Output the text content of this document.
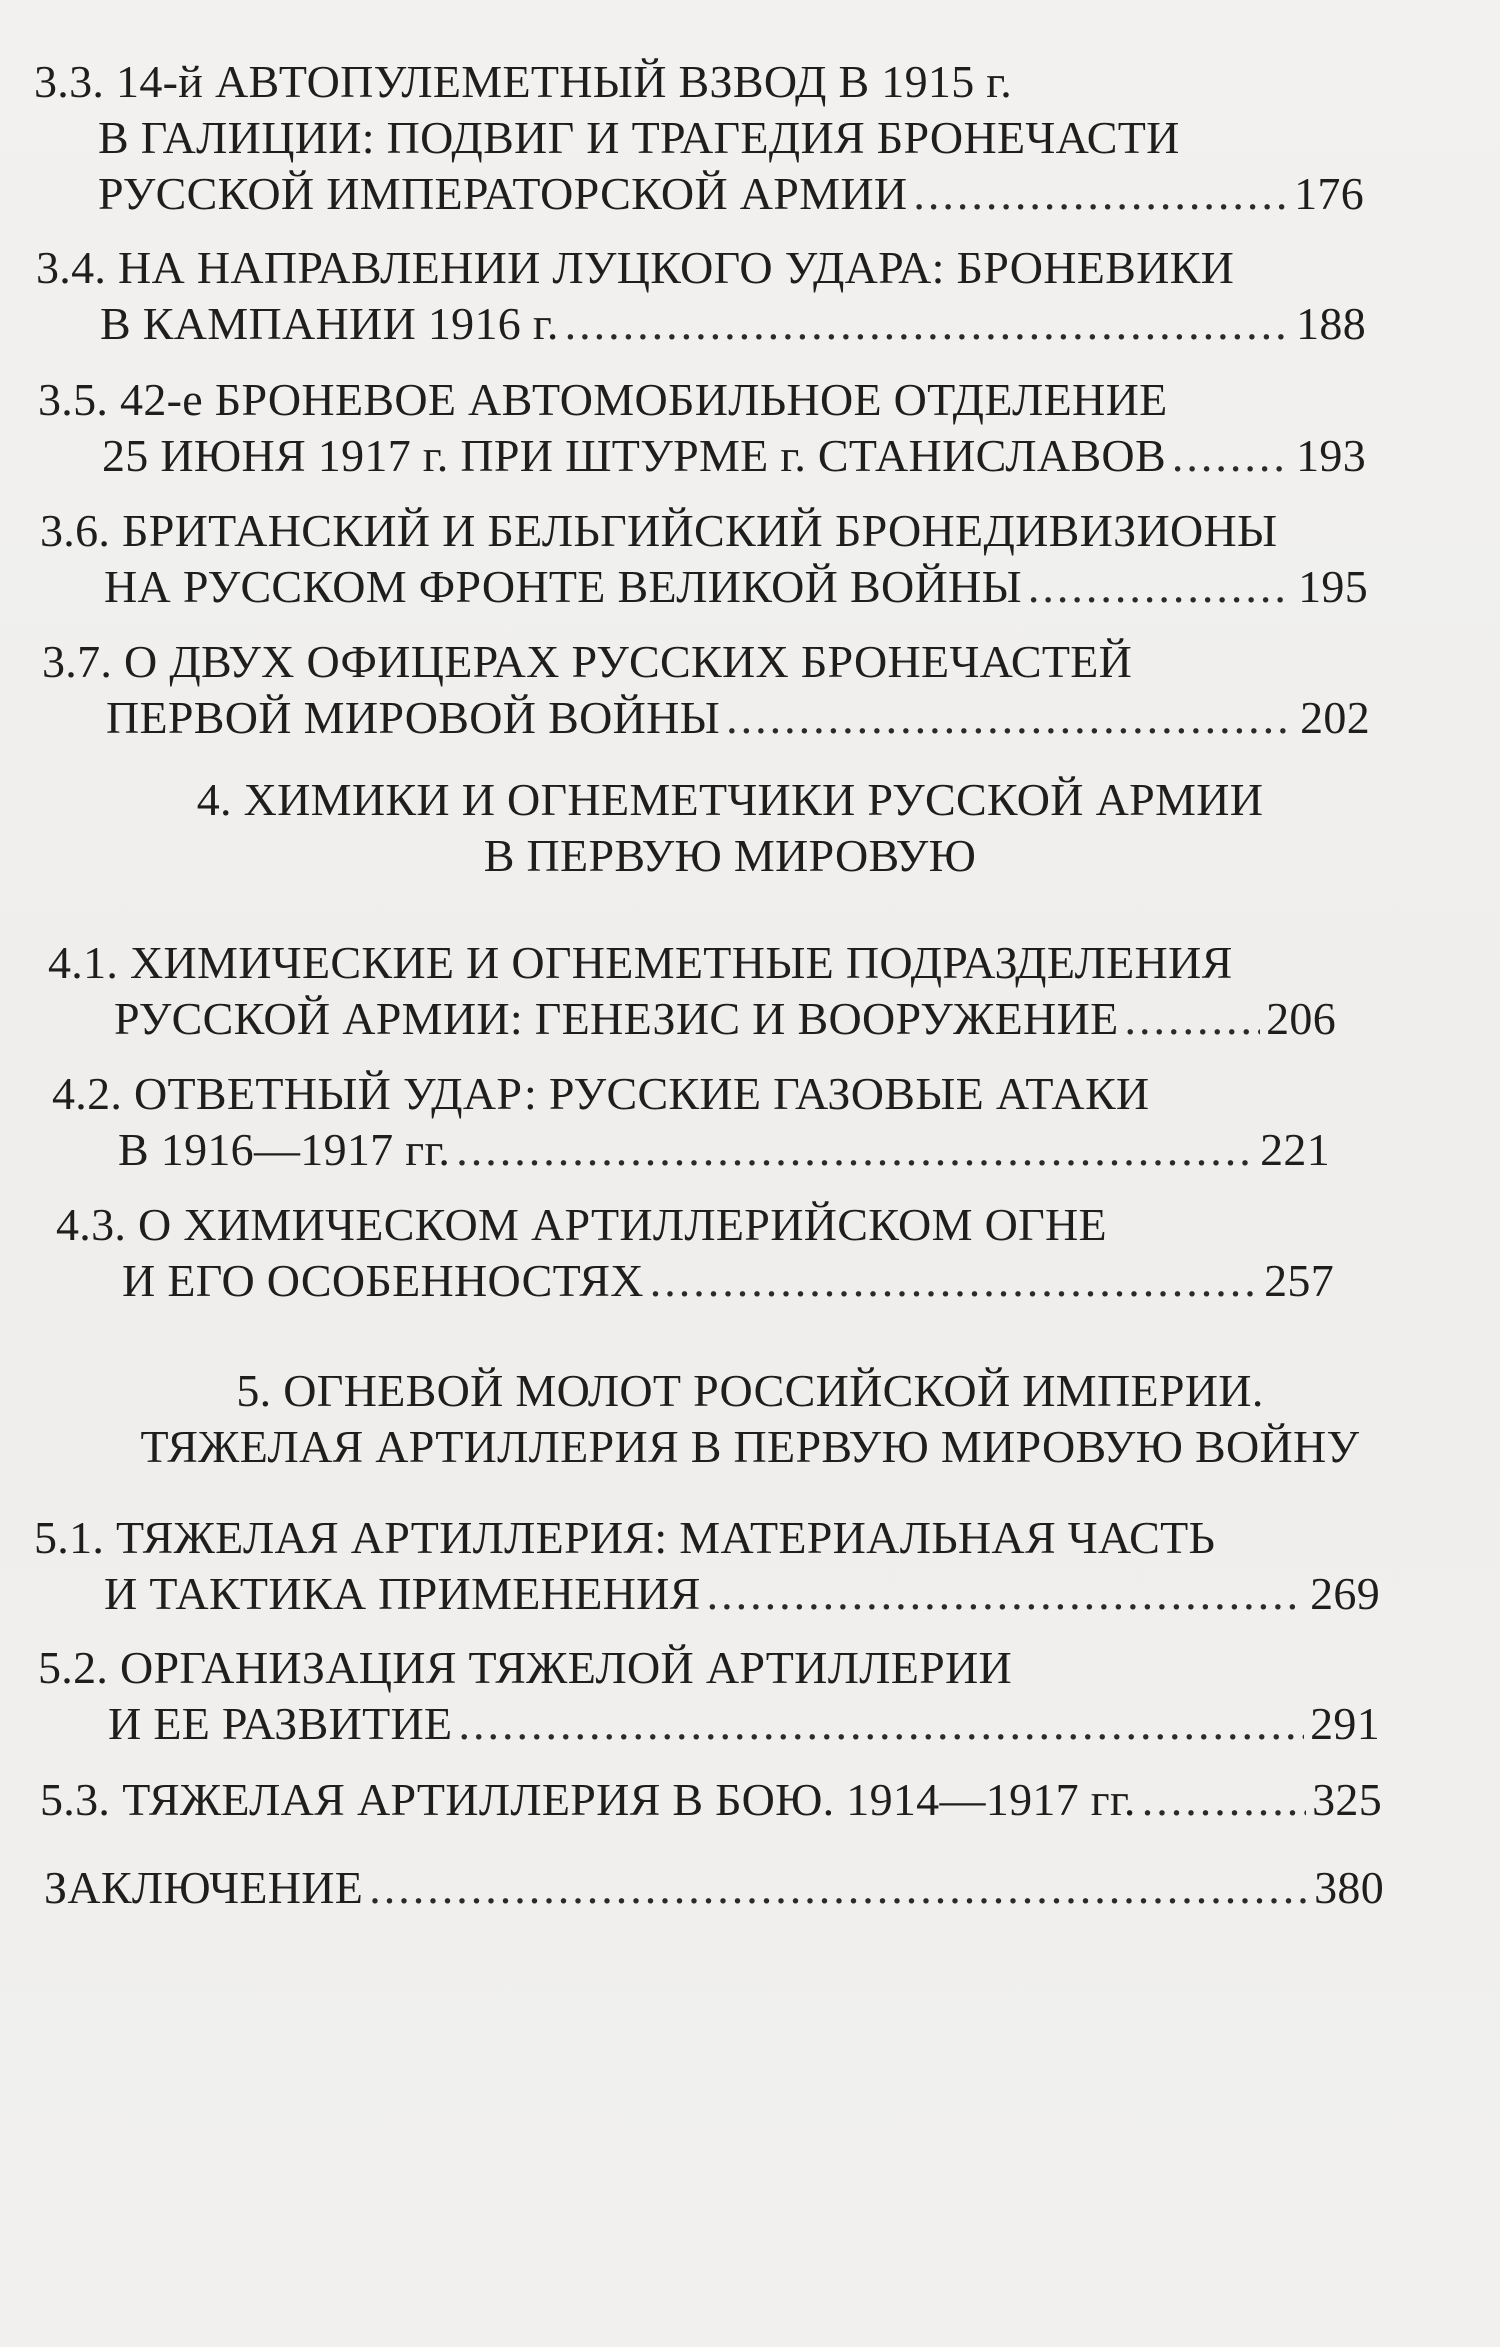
3.3. 14-й АВТОПУЛЕМЕТНЫЙ ВЗВОД В 1915 г.
В ГАЛИЦИИ: ПОДВИГ И ТРАГЕДИЯ БРОНЕЧАСТИ
РУССКОЙ ИМПЕРАТОРСКОЙ АРМИИ .....	176
3.4. НА НАПРАВЛЕНИИ ЛУЦКОГО УДАРА: БРОНЕВИКИ
В КАМПАНИИ 1916 г. .....	188
3.5. 42-е БРОНЕВОЕ АВТОМОБИЛЬНОЕ ОТДЕЛЕНИЕ
25 ИЮНЯ 1917 г. ПРИ ШТУРМЕ г. СТАНИСЛАВОВ .....	193
3.6. БРИТАНСКИЙ И БЕЛЬГИЙСКИЙ БРОНЕДИВИЗИОНЫ
НА РУССКОМ ФРОНТЕ ВЕЛИКОЙ ВОЙНЫ .....	195
3.7. О ДВУХ ОФИЦЕРАХ РУССКИХ БРОНЕЧАСТЕЙ
ПЕРВОЙ МИРОВОЙ ВОЙНЫ .....	202
4. ХИМИКИ И ОГНЕМЕТЧИКИ РУССКОЙ АРМИИ
В ПЕРВУЮ МИРОВУЮ
4.1. ХИМИЧЕСКИЕ И ОГНЕМЕТНЫЕ ПОДРАЗДЕЛЕНИЯ
РУССКОЙ АРМИИ: ГЕНЕЗИС И ВООРУЖЕНИЕ .....	206
4.2. ОТВЕТНЫЙ УДАР: РУССКИЕ ГАЗОВЫЕ АТАКИ
В 1916—1917 гг. .....	221
4.3. О ХИМИЧЕСКОМ АРТИЛЛЕРИЙСКОМ ОГНЕ
И ЕГО ОСОБЕННОСТЯХ .....	257
5. ОГНЕВОЙ МОЛОТ РОССИЙСКОЙ ИМПЕРИИ.
ТЯЖЕЛАЯ АРТИЛЛЕРИЯ В ПЕРВУЮ МИРОВУЮ ВОЙНУ
5.1. ТЯЖЕЛАЯ АРТИЛЛЕРИЯ: МАТЕРИАЛЬНАЯ ЧАСТЬ
И ТАКТИКА ПРИМЕНЕНИЯ .....	269
5.2. ОРГАНИЗАЦИЯ ТЯЖЕЛОЙ АРТИЛЛЕРИИ
И ЕЕ РАЗВИТИЕ .....	291
5.3. ТЯЖЕЛАЯ АРТИЛЛЕРИЯ В БОЮ. 1914—1917 гг. .....	325
ЗАКЛЮЧЕНИЕ .....	380
